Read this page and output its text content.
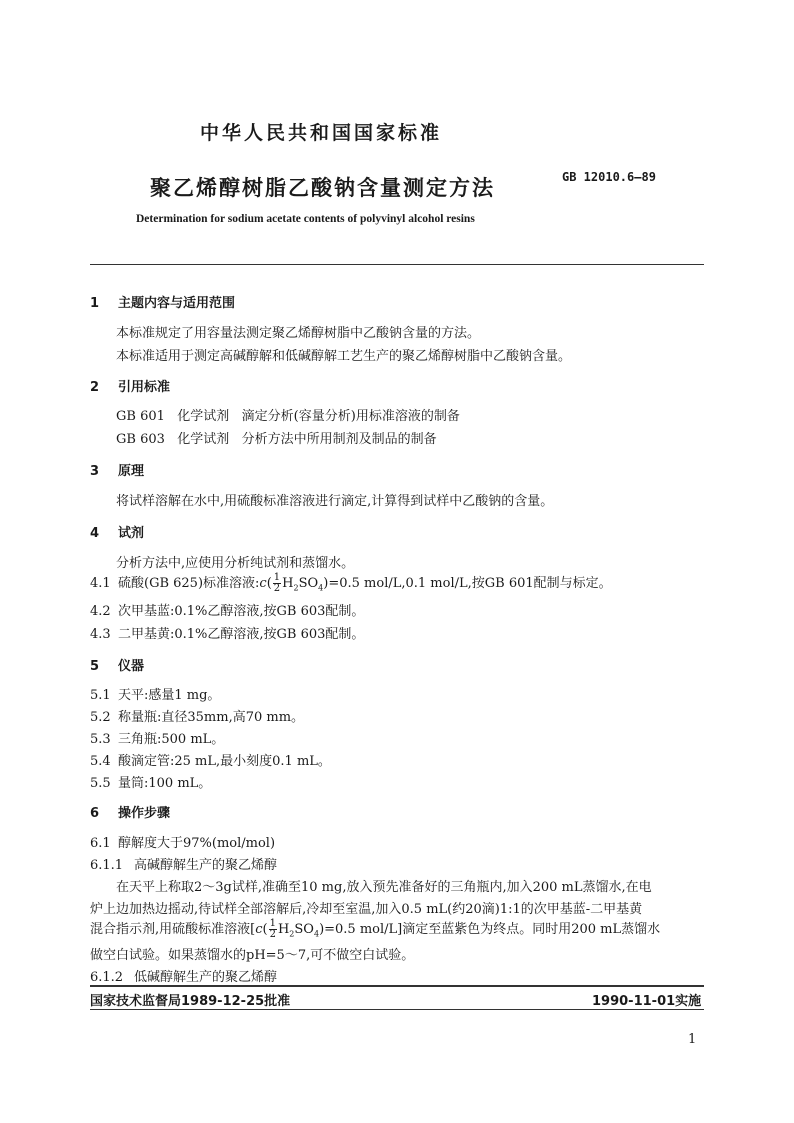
中华人民共和国国家标准
聚乙烯醇树脂乙酸钠含量测定方法	GB 12010.6—89
Determination for sodium acetate contents of polyvinyl alcohol resins
1 主题内容与适用范围
本标准规定了用容量法测定聚乙烯醇树脂中乙酸钠含量的方法。
本标准适用于测定高碱醇解和低碱醇解工艺生产的聚乙烯醇树脂中乙酸钠含量。
2 引用标准
GB 601   化学试剂   滴定分析(容量分析)用标准溶液的制备
GB 603   化学试剂   分析方法中所用制剂及制品的制备
3 原理
将试样溶解在水中,用硫酸标准溶液进行滴定,计算得到试样中乙酸钠的含量。
4 试剂
分析方法中,应使用分析纯试剂和蒸馏水。
4.1 硫酸(GB 625)标准溶液:c( $\frac{1}{2} H_2SO_4)=0.5$ mol/L,0.1 mol/L,按GB 601配制与标定。
4.2 次甲基蓝:0.1%乙醇溶液,按GB 603配制。
4.3 二甲基黄:0.1%乙醇溶液,按GB 603配制。
5 仪器
5.1 天平:感量1 mg。
5.2 称量瓶:直径35mm,高70 mm。
5.3 三角瓶:500 mL。
5.4 酸滴定管:25 mL,最小刻度0.1 mL。
5.5 量筒:100 mL。
6 操作步骤
6.1 醇解度大于97%(mol/mol)
6.1.1 高碱醇解生产的聚乙烯醇
在天平上称取2～3g试样,准确至10 mg,放入预先准备好的三角瓶内,加入200 mL蒸馏水,在电
炉上边加热边摇动,待试样全部溶解后,冷却至室温,加入0.5 mL(约20滴)1:1的次甲基蓝-二甲基黄
混合指示剂,用硫酸标准溶液[$c( \frac{1}{2} H_2SO_4)=0.5$ mol/L]滴定至蓝紫色为终点。同时用200 mL蒸馏水
做空白试验。如果蒸馏水的pH=5～7,可不做空白试验。
6.1.2 低碱醇解生产的聚乙烯醇
国家技术监督局1989-12-25批准	1990-11-01实施
1
